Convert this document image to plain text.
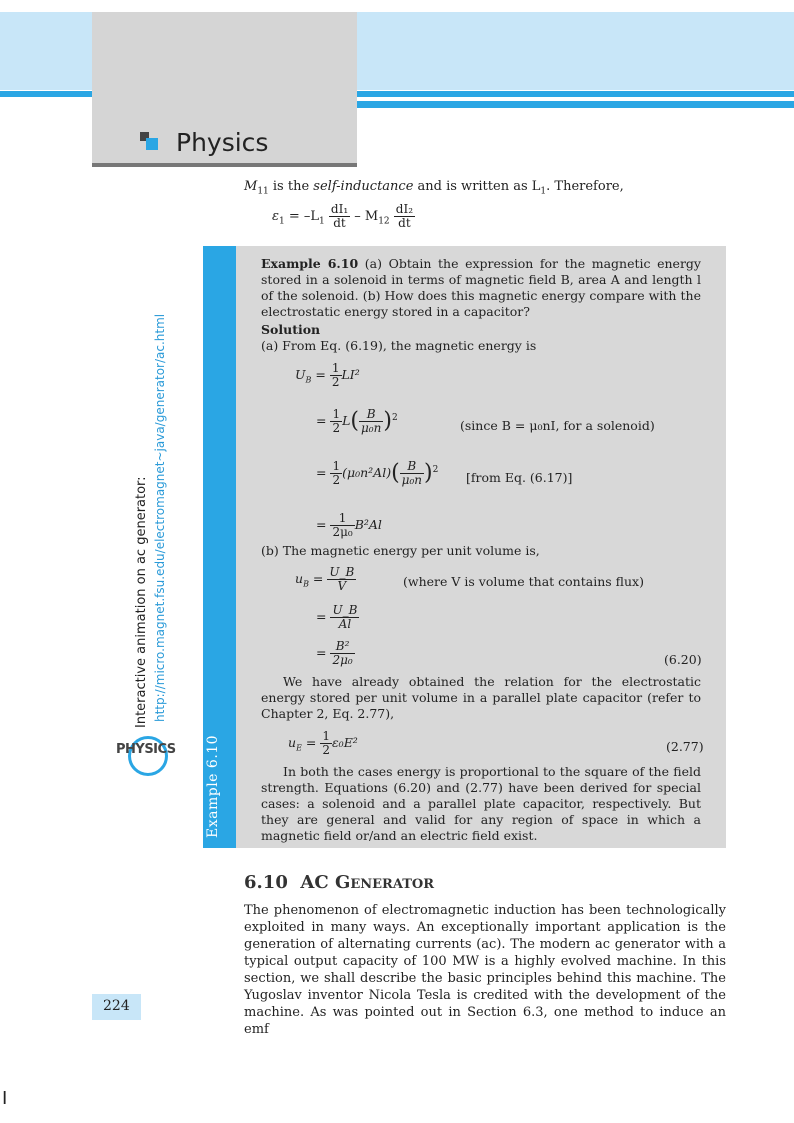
I
Physics
$M_{11}$ is the self-inductance and is written as $L_1$. Therefore,
$\varepsilon_1 = -L_1 \frac{\text{dI₁}}{dt} - M_{12} \frac{\text{dI₂}}{dt}$
Example 6.10
Example 6.10 (a) Obtain the expression for the magnetic energy stored in a solenoid in terms of magnetic field B, area A and length l of the solenoid. (b) How does this magnetic energy compare with the electrostatic energy stored in a capacitor?
Solution
(a) From Eq. (6.19), the magnetic energy is
$U_B = \frac{1}{2} LI^2$
= $\frac{1}{2} L( \frac{B}{\text{μ₀n}} )^2$
(since B = μ₀nI, for a solenoid)
= $\frac{1}{2} (\mu_0n^2Al)( \frac{B}{\text{μ₀n}} )^2$
[from Eq. (6.17)]
= $\frac{1}{\text{2μ₀}} B^2Al$
(b) The magnetic energy per unit volume is,
$u_B = \frac{U\_B}{V}$	(where V is volume that contains flux)
= $\frac{U\_B}{Al}$
= $\frac{\text{B²}}{\text{2μ₀}}$	(6.20)
We have already obtained the relation for the electrostatic energy stored per unit volume in a parallel plate capacitor (refer to Chapter 2, Eq. 2.77),
$u_E = \frac{1}{2} \varepsilon_0E^2$	(2.77)
In both the cases energy is proportional to the square of the field strength. Equations (6.20) and (2.77) have been derived for special cases: a solenoid and a parallel plate capacitor, respectively. But they are general and valid for any region of space in which a magnetic field or/and an electric field exist.
Interactive animation on ac generator: http://micro.magnet.fsu.edu/electromagnet~java/generator/ac.html
PHYSICS
6.10 AC Generator
The phenomenon of electromagnetic induction has been technologically exploited in many ways. An exceptionally important application is the generation of alternating currents (ac). The modern ac generator with a typical output capacity of 100 MW is a highly evolved machine. In this section, we shall describe the basic principles behind this machine. The Yugoslav inventor Nicola Tesla is credited with the development of the machine. As was pointed out in Section 6.3, one method to induce an emf
224
